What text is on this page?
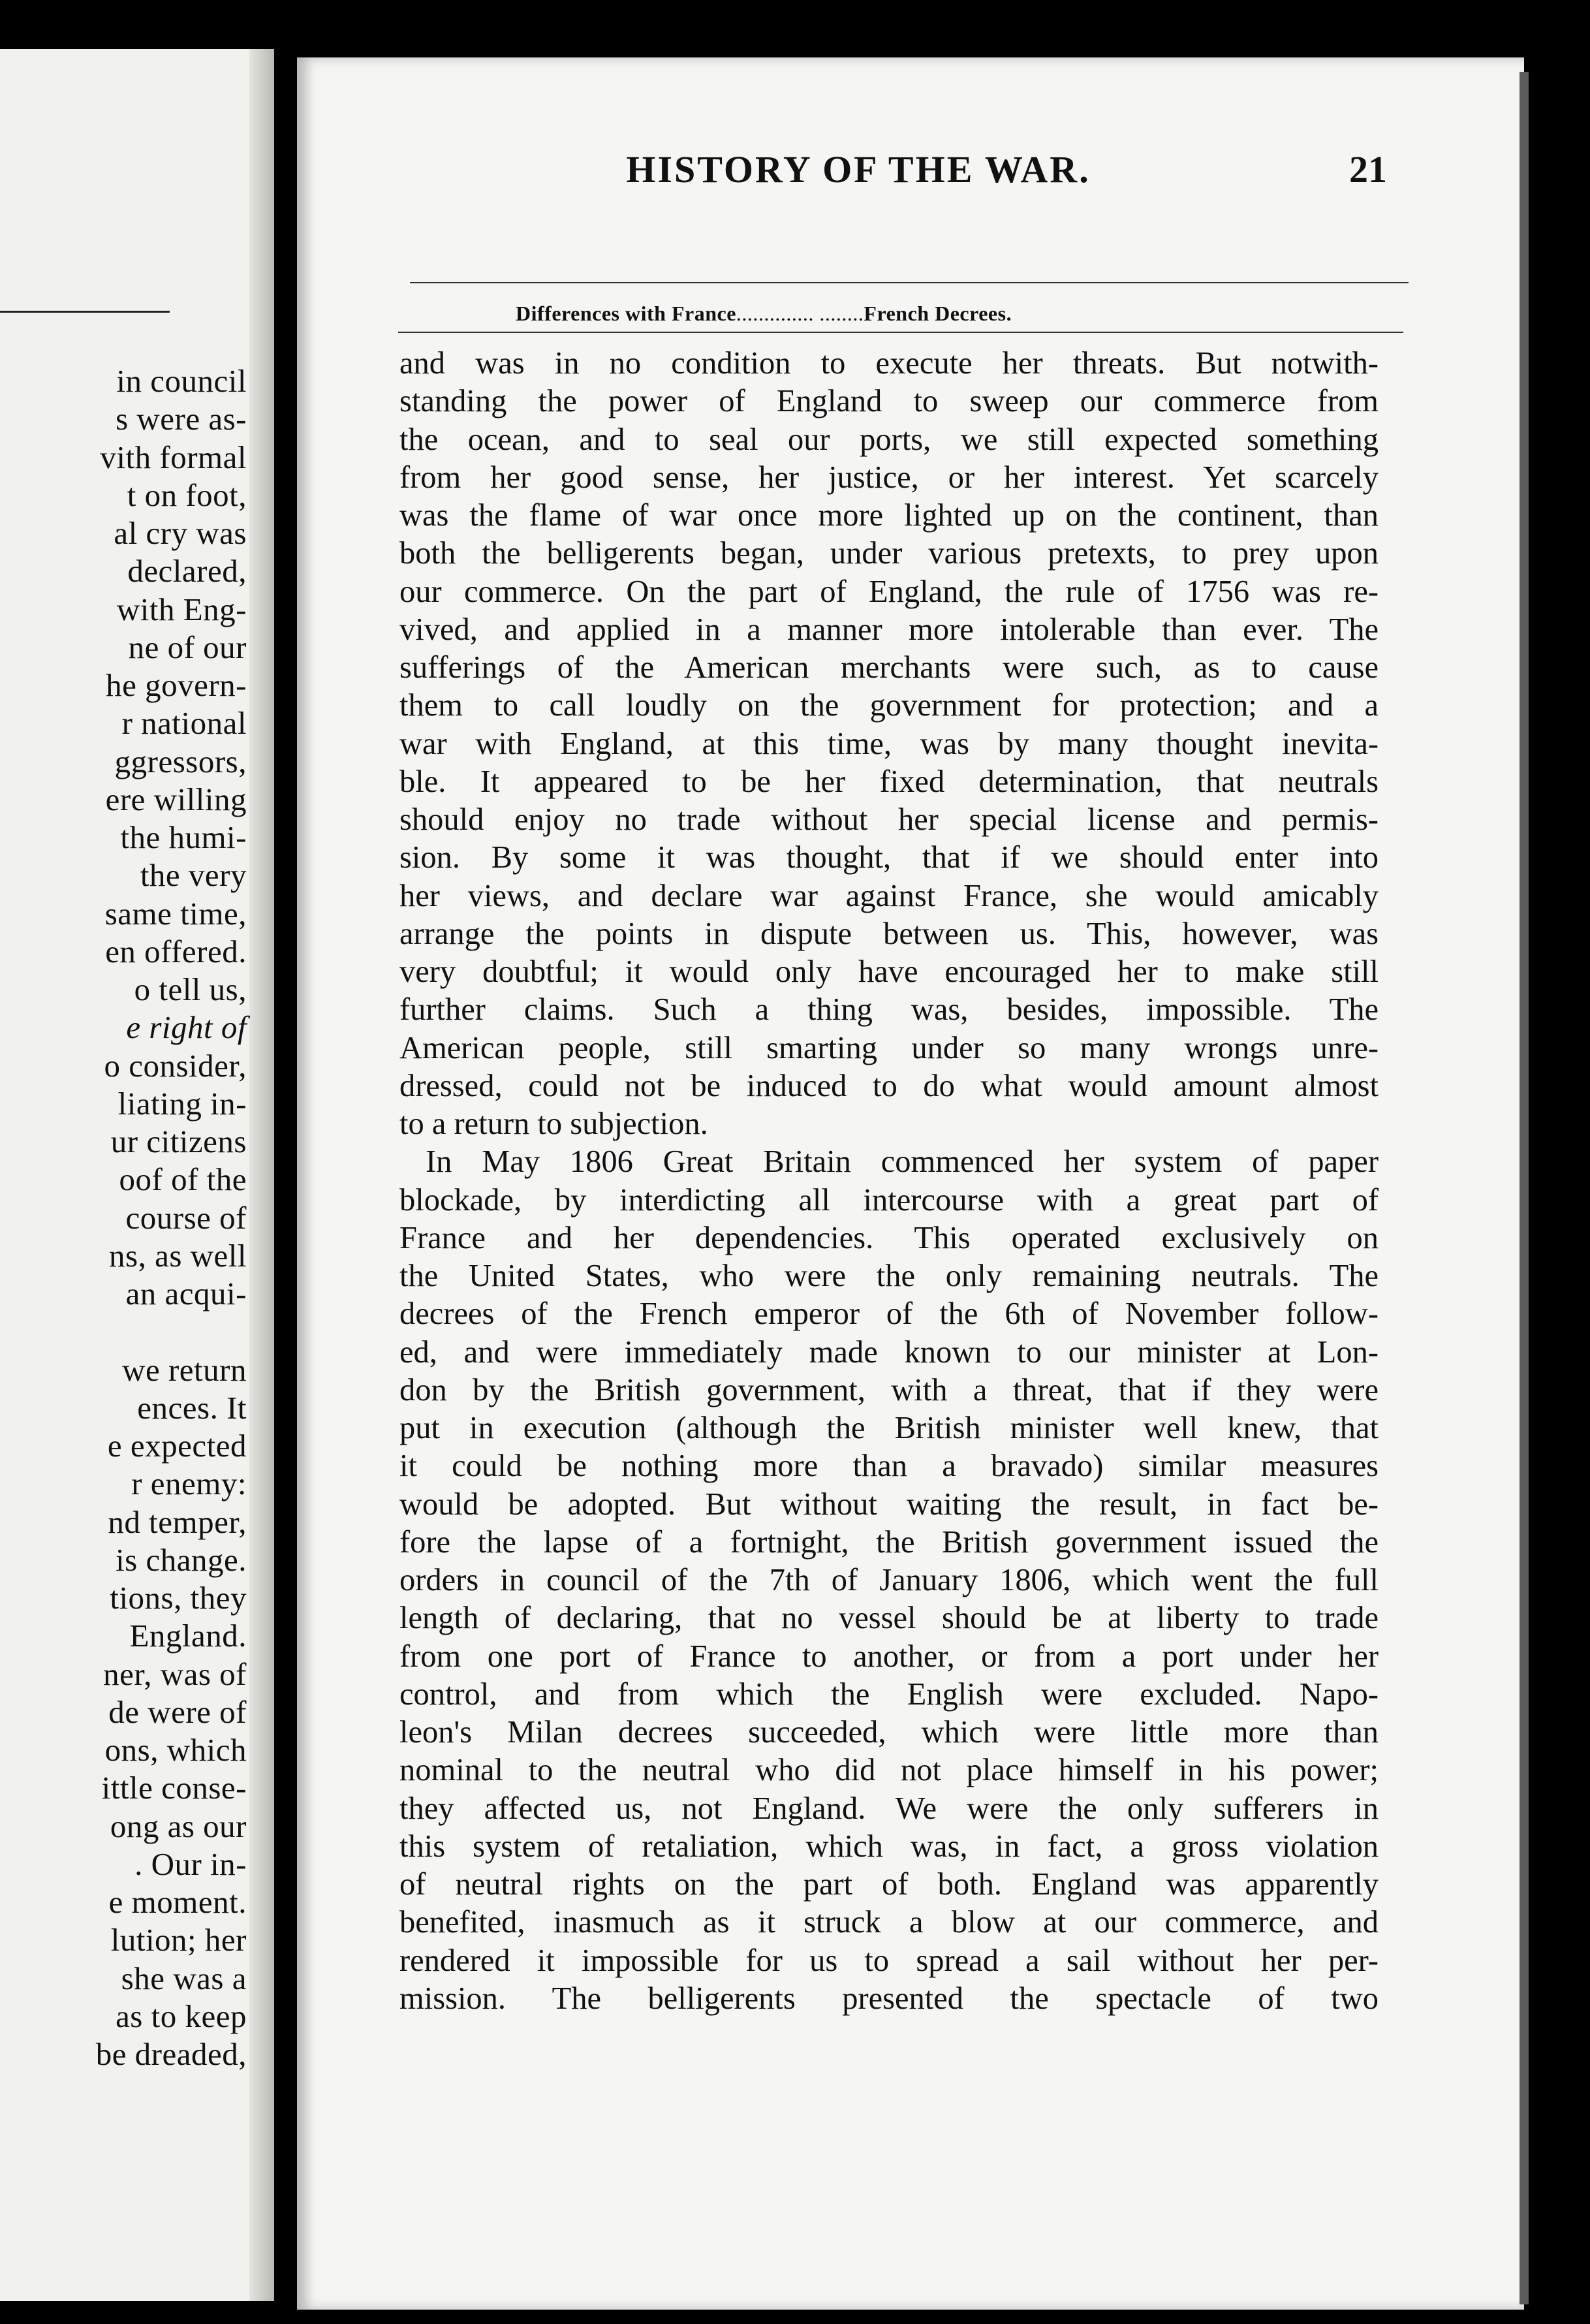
in council
s were as-
vith formal
t on foot,
al cry was
declared,
with Eng-
ne of our
he govern-
r national
ggressors,
ere willing
the humi-
the very
same time,
en offered.
o tell us,
e right of
o consider,
liating in-
ur citizens
oof of the
course of
ns, as well
an acqui-
we return
ences. It
e expected
r enemy:
nd temper,
is change.
tions, they
England.
ner, was of
de were of
ons, which
ittle conse-
ong as our
. Our in-
e moment.
lution; her
she was a
as to keep
be dreaded,
HISTORY OF THE WAR.	21
Differences with France.............. ........French Decrees.
and was in no condition to execute her threats. But notwith-
standing the power of England to sweep our commerce from
the ocean, and to seal our ports, we still expected something
from her good sense, her justice, or her interest. Yet scarcely
was the flame of war once more lighted up on the continent, than
both the belligerents began, under various pretexts, to prey upon
our commerce. On the part of England, the rule of 1756 was re-
vived, and applied in a manner more intolerable than ever. The
sufferings of the American merchants were such, as to cause
them to call loudly on the government for protection; and a
war with England, at this time, was by many thought inevita-
ble. It appeared to be her fixed determination, that neutrals
should enjoy no trade without her special license and permis-
sion. By some it was thought, that if we should enter into
her views, and declare war against France, she would amicably
arrange the points in dispute between us. This, however, was
very doubtful; it would only have encouraged her to make still
further claims. Such a thing was, besides, impossible. The
American people, still smarting under so many wrongs unre-
dressed, could not be induced to do what would amount almost
to a return to subjection.
In May 1806 Great Britain commenced her system of paper
blockade, by interdicting all intercourse with a great part of
France and her dependencies. This operated exclusively on
the United States, who were the only remaining neutrals. The
decrees of the French emperor of the 6th of November follow-
ed, and were immediately made known to our minister at Lon-
don by the British government, with a threat, that if they were
put in execution (although the British minister well knew, that
it could be nothing more than a bravado) similar measures
would be adopted. But without waiting the result, in fact be-
fore the lapse of a fortnight, the British government issued the
orders in council of the 7th of January 1806, which went the full
length of declaring, that no vessel should be at liberty to trade
from one port of France to another, or from a port under her
control, and from which the English were excluded. Napo-
leon's Milan decrees succeeded, which were little more than
nominal to the neutral who did not place himself in his power;
they affected us, not England. We were the only sufferers in
this system of retaliation, which was, in fact, a gross violation
of neutral rights on the part of both. England was apparently
benefited, inasmuch as it struck a blow at our commerce, and
rendered it impossible for us to spread a sail without her per-
mission. The belligerents presented the spectacle of two
